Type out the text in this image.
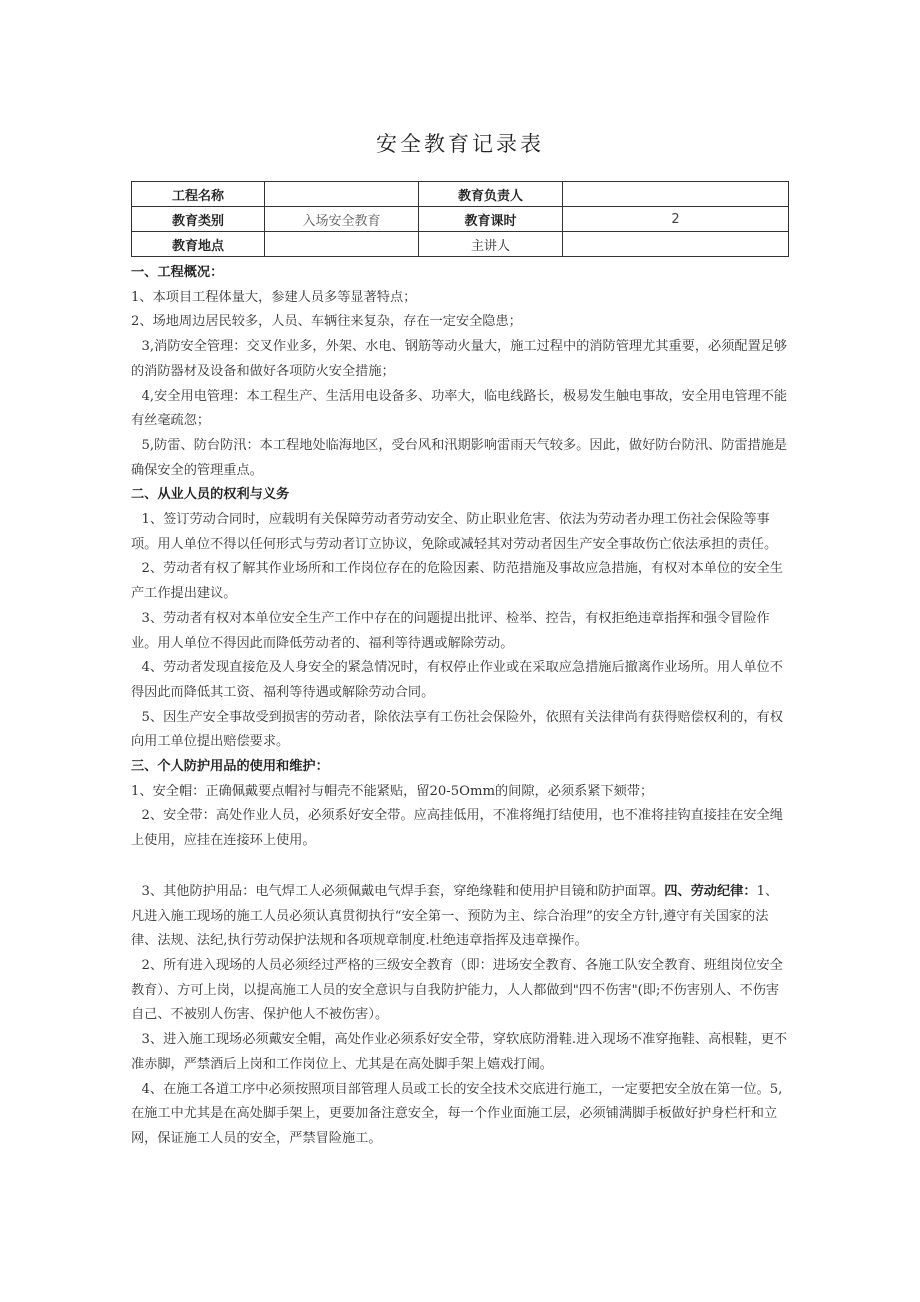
安全教育记录表
工程名称		教育负责人	
教育类别	入场安全教育	教育课时	2
教育地点		主讲人	

一、工程概况：

1、本项目工程体量大，参建人员多等显著特点；

2、场地周边居民较多，人员、车辆往来复杂，存在一定安全隐患；

3,消防安全管理：交叉作业多，外架、水电、钢筋等动火量大，施工过程中的消防管理尤其重要，必须配置足够的消防器材及设备和做好各项防火安全措施；

4,安全用电管理：本工程生产、生活用电设备多、功率大，临电线路长，极易发生触电事故，安全用电管理不能有丝毫疏忽；

5,防雷、防台防汛：本工程地处临海地区，受台风和汛期影响雷雨天气较多。因此，做好防台防汛、防雷措施是确保安全的管理重点。

二、从业人员的权利与义务

1、签订劳动合同时，应载明有关保障劳动者劳动安全、防止职业危害、依法为劳动者办理工伤社会保险等事项。用人单位不得以任何形式与劳动者订立协议，免除或减轻其对劳动者因生产安全事故伤亡依法承担的责任。

2、劳动者有权了解其作业场所和工作岗位存在的危险因素、防范措施及事故应急措施，有权对本单位的安全生产工作提出建议。

3、劳动者有权对本单位安全生产工作中存在的问题提出批评、检举、控告，有权拒绝违章指挥和强令冒险作业。用人单位不得因此而降低劳动者的、福利等待遇或解除劳动。

4、劳动者发现直接危及人身安全的紧急情况时，有权停止作业或在采取应急措施后撤离作业场所。用人单位不得因此而降低其工资、福利等待遇或解除劳动合同。

5、因生产安全事故受到损害的劳动者，除依法享有工伤社会保险外，依照有关法律尚有获得赔偿权利的，有权向用工单位提出赔偿要求。

三、个人防护用品的使用和维护：

1、安全帽：正确佩戴要点帽衬与帽壳不能紧贴，留20-5Omm的间隙，必须系紧下颏带；

2、安全带：高处作业人员，必须系好安全带。应高挂低用，不准将绳打结使用，也不准将挂钩直接挂在安全绳上使用，应挂在连接环上使用。

3、其他防护用品：电气焊工人必须佩戴电气焊手套，穿绝缘鞋和使用护目镜和防护面罩。四、劳动纪律：1、凡进入施工现场的施工人员必须认真贯彻执行“安全第一、预防为主、综合治理”的安全方针,遵守有关国家的法律、法规、法纪,执行劳动保护法规和各项规章制度.杜绝违章指挥及违章操作。

2、所有进入现场的人员必须经过严格的三级安全教育（即：进场安全教育、各施工队安全教育、班组岗位安全教育）、方可上岗，以提高施工人员的安全意识与自我防护能力，人人都做到"四不伤害"(即;不伤害别人、不伤害自己、不被别人伤害、保护他人不被伤害）。

3、进入施工现场必须戴安全帽，高处作业必须系好安全带，穿软底防滑鞋.进入现场不准穿拖鞋、高根鞋，更不准赤脚，严禁酒后上岗和工作岗位上、尤其是在高处脚手架上嬉戏打闹。

4、在施工各道工序中必须按照项目部管理人员或工长的安全技术交底进行施工，一定要把安全放在第一位。5,在施工中尤其是在高处脚手架上，更要加备注意安全，每一个作业面施工层，必须铺满脚手板做好护身栏杆和立网，保证施工人员的安全，严禁冒险施工。
